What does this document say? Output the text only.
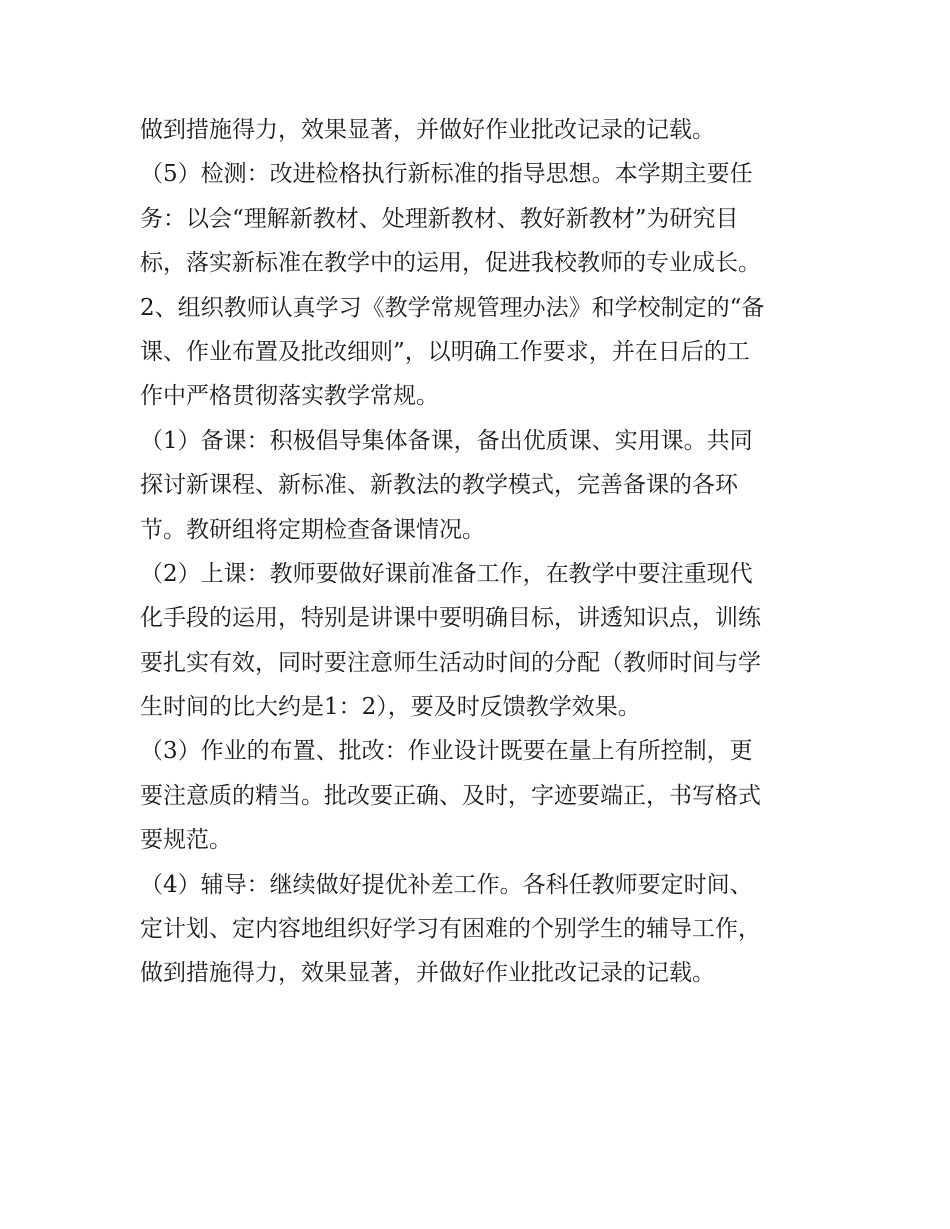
做到措施得力，效果显著，并做好作业批改记录的记载。
（5）检测：改进检格执行新标准的指导思想。本学期主要任
务：以会“理解新教材、处理新教材、教好新教材”为研究目
标，落实新标准在教学中的运用，促进我校教师的专业成长。
2、组织教师认真学习《教学常规管理办法》和学校制定的“备
课、作业布置及批改细则”，以明确工作要求，并在日后的工
作中严格贯彻落实教学常规。
（1）备课：积极倡导集体备课，备出优质课、实用课。共同
探讨新课程、新标准、新教法的教学模式，完善备课的各环
节。教研组将定期检查备课情况。
（2）上课：教师要做好课前准备工作，在教学中要注重现代
化手段的运用，特别是讲课中要明确目标，讲透知识点，训练
要扎实有效，同时要注意师生活动时间的分配（教师时间与学
生时间的比大约是1：2），要及时反馈教学效果。
（3）作业的布置、批改：作业设计既要在量上有所控制，更
要注意质的精当。批改要正确、及时，字迹要端正，书写格式
要规范。
（4）辅导：继续做好提优补差工作。各科任教师要定时间、
定计划、定内容地组织好学习有困难的个别学生的辅导工作，
做到措施得力，效果显著，并做好作业批改记录的记载。
